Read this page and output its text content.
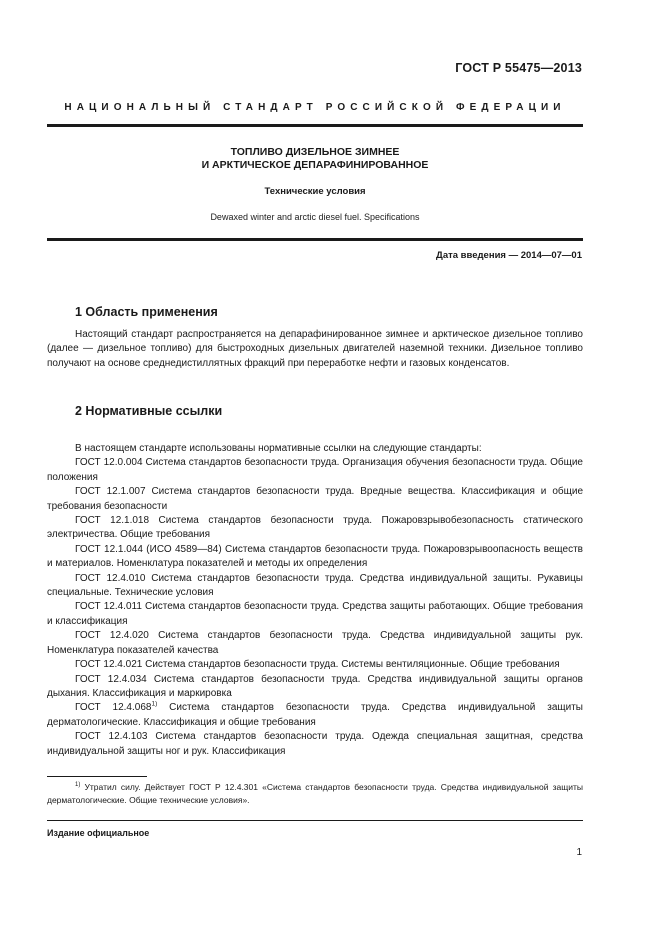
ГОСТ Р 55475—2013
НАЦИОНАЛЬНЫЙ СТАНДАРТ РОССИЙСКОЙ ФЕДЕРАЦИИ
ТОПЛИВО ДИЗЕЛЬНОЕ ЗИМНЕЕ
И АРКТИЧЕСКОЕ ДЕПАРАФИНИРОВАННОЕ
Технические условия
Dewaxed winter and arctic diesel fuel. Specifications
Дата введения — 2014—07—01
1 Область применения

Настоящий стандарт распространяется на депарафинированное зимнее и арктическое дизельное топливо (далее — дизельное топливо) для быстроходных дизельных двигателей наземной техники. Дизельное топливо получают на основе среднедистиллятных фракций при переработке нефти и газовых конденсатов.

2 Нормативные ссылки

В настоящем стандарте использованы нормативные ссылки на следующие стандарты:

ГОСТ 12.0.004 Система стандартов безопасности труда. Организация обучения безопасности труда. Общие положения

ГОСТ 12.1.007 Система стандартов безопасности труда. Вредные вещества. Классификация и общие требования безопасности

ГОСТ 12.1.018 Система стандартов безопасности труда. Пожаровзрывобезопасность статического электричества. Общие требования

ГОСТ 12.1.044 (ИСО 4589—84) Система стандартов безопасности труда. Пожаровзрывоопасность веществ и материалов. Номенклатура показателей и методы их определения

ГОСТ 12.4.010 Система стандартов безопасности труда. Средства индивидуальной защиты. Рукавицы специальные. Технические условия

ГОСТ 12.4.011 Система стандартов безопасности труда. Средства защиты работающих. Общие требования и классификация

ГОСТ 12.4.020 Система стандартов безопасности труда. Средства индивидуальной защиты рук. Номенклатура показателей качества

ГОСТ 12.4.021 Система стандартов безопасности труда. Системы вентиляционные. Общие требования

ГОСТ 12.4.034 Система стандартов безопасности труда. Средства индивидуальной защиты органов дыхания. Классификация и маркировка

ГОСТ 12.4.068$^{1)}$ Система стандартов безопасности труда. Средства индивидуальной защиты дерматологические. Классификация и общие требования

ГОСТ 12.4.103 Система стандартов безопасности труда. Одежда специальная защитная, средства индивидуальной защиты ног и рук. Классификация

$^{1)}$ Утратил силу. Действует ГОСТ Р 12.4.301 «Система стандартов безопасности труда. Средства индивидуальной защиты дерматологические. Общие технические условия».

Издание официальное
1
